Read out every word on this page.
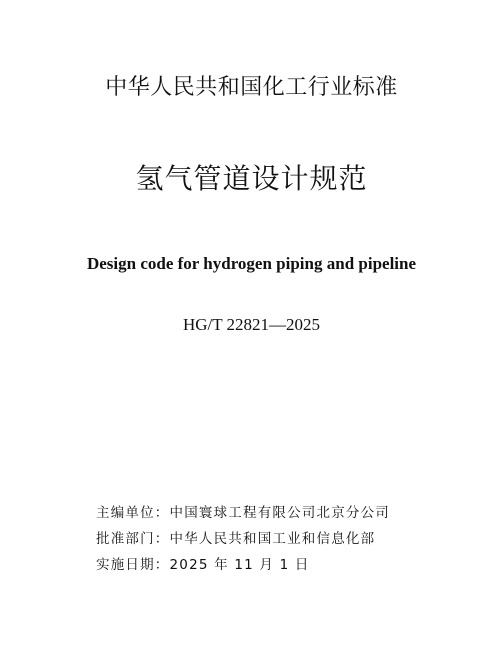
中华人民共和国化工行业标准
氢气管道设计规范
Design code for hydrogen piping and pipeline
HG/T 22821—2025
主编单位：中国寰球工程有限公司北京分公司
批准部门：中华人民共和国工业和信息化部
实施日期：2025 年 11 月 1 日
